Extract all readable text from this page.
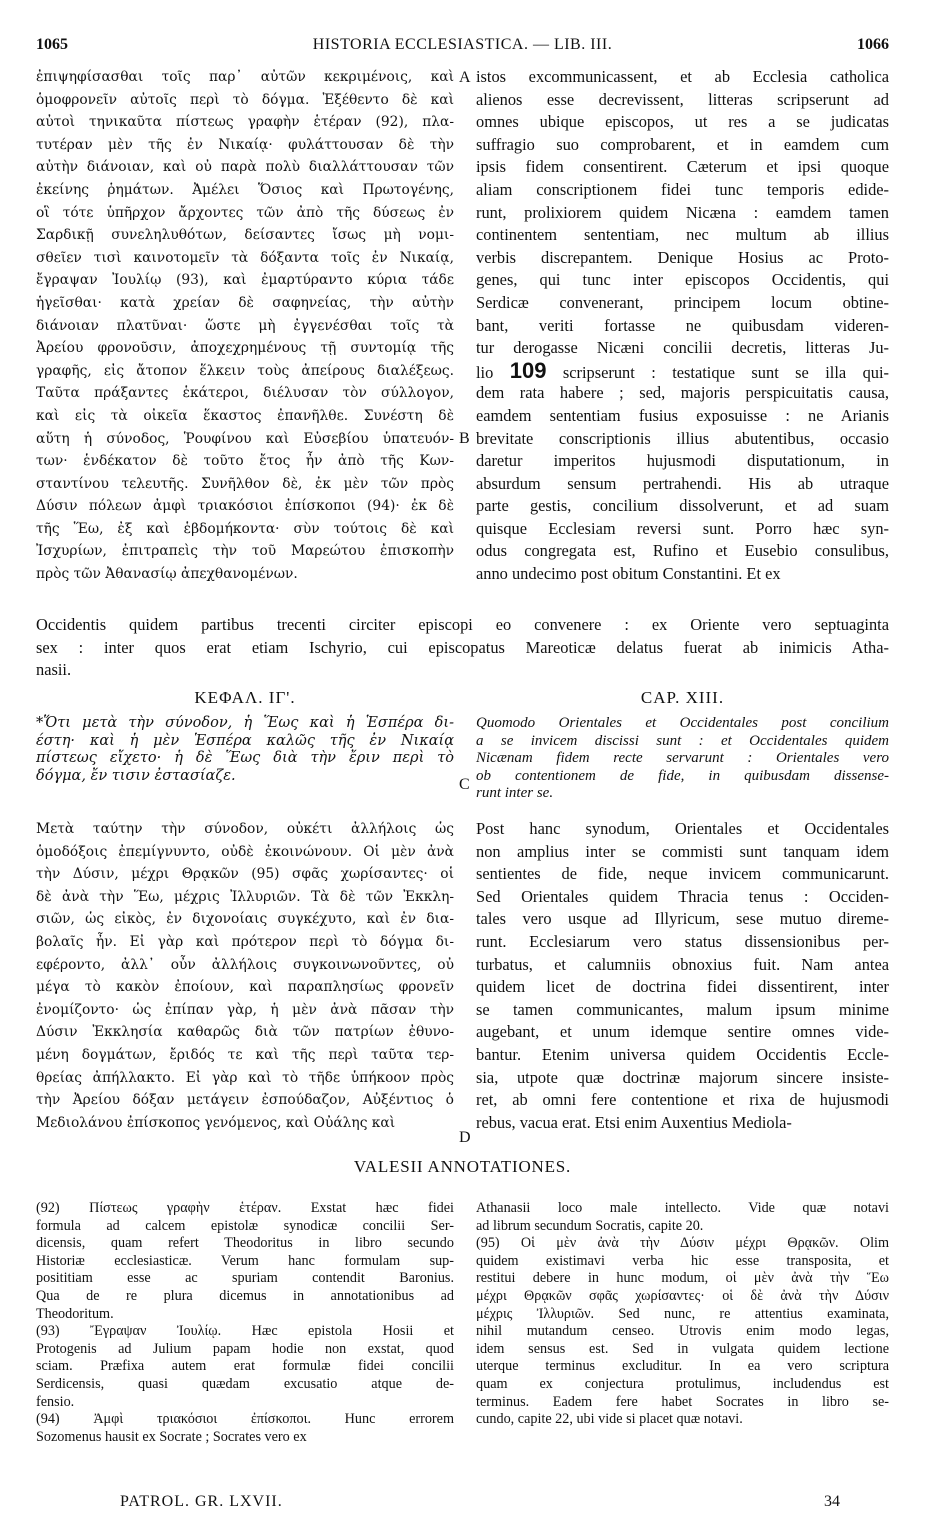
1065	HISTORIA ECCLESIASTICA. — LIB. III.	1066

ἐπιψηφίσασθαι τοῖς παρ᾽ αὐτῶν κεκριμένοις, καὶ

ὁμοφρονεῖν αὐτοῖς περὶ τὸ δόγμα. Ἐξέθεντο δὲ καὶ

αὐτοὶ τηνικαῦτα πίστεως γραφὴν ἑτέραν (92), πλα-

τυτέραν μὲν τῆς ἐν Νικαίᾳ· φυλάττουσαν δὲ τὴν

αὐτὴν διάνοιαν, καὶ οὐ παρὰ πολὺ διαλλάττουσαν τῶν

ἐκείνης ῥημάτων. Ἀμέλει Ὅσιος καὶ Πρωτογένης,

οἳ τότε ὑπῆρχον ἄρχοντες τῶν ἀπὸ τῆς δύσεως ἐν

Σαρδικῇ συνεληλυθότων, δείσαντες ἴσως μὴ νομι-

σθεῖεν τισὶ καινοτομεῖν τὰ δόξαντα τοῖς ἐν Νικαίᾳ,

ἔγραψαν Ἰουλίῳ (93), καὶ ἐμαρτύραντο κύρια τάδε

ἡγεῖσθαι· κατὰ χρείαν δὲ σαφηνείας, τὴν αὐτὴν

διάνοιαν πλατῦναι· ὥστε μὴ ἐγγενέσθαι τοῖς τὰ

Ἀρείου φρονοῦσιν, ἀποχεχρημένους τῇ συντομίᾳ τῆς

γραφῆς, εἰς ἄτοπον ἕλκειν τοὺς ἀπείρους διαλέξεως.

Ταῦτα πράξαντες ἑκάτεροι, διέλυσαν τὸν σύλλογον,

καὶ εἰς τὰ οἰκεῖα ἕκαστος ἐπανῆλθε. Συνέστη δὲ

αὕτη ἡ σύνοδος, Ῥουφίνου καὶ Εὐσεβίου ὑπατευόν-

των· ἑνδέκατον δὲ τοῦτο ἔτος ἦν ἀπὸ τῆς Κων-

σταντίνου τελευτῆς. Συνῆλθον δὲ, ἐκ μὲν τῶν πρὸς

Δύσιν πόλεων ἀμφὶ τριακόσιοι ἐπίσκοποι (94)· ἐκ δὲ

τῆς Ἕω, ἐξ καὶ ἑβδομήκοντα· σὺν τούτοις δὲ καὶ

Ἰσχυρίων, ἐπιτραπεὶς τὴν τοῦ Μαρεώτου ἐπισκοπὴν

πρὸς τῶν Ἀθανασίῳ ἀπεχθανομένων.

istos excommunicassent, et ab Ecclesia catholica

alienos esse decrevissent, litteras scripserunt ad

omnes ubique episcopos, ut res a se judicatas

suffragio suo comprobarent, et in eamdem cum

ipsis fidem consentirent. Cæterum et ipsi quoque

aliam conscriptionem fidei tunc temporis edide-

runt, prolixiorem quidem Nicæna : eamdem tamen

continentem sententiam, nec multum ab illius

verbis discrepantem. Denique Hosius ac Proto-

genes, qui tunc inter episcopos Occidentis, qui

Serdicæ convenerant, principem locum obtine-

bant, veriti fortasse ne quibusdam videren-

tur derogasse Nicæni concilii decretis, litteras Ju-

lio 109 scripserunt : testatique sunt se illa qui-

dem rata habere ; sed, majoris perspicuitatis causa,

eamdem sententiam fusius exposuisse : ne Arianis

brevitate conscriptionis illius abutentibus, occasio

daretur imperitos hujusmodi disputationum, in

absurdum sensum pertrahendi. His ab utraque

parte gestis, concilium dissolverunt, et ad suam

quisque Ecclesiam reversi sunt. Porro hæc syn-

odus congregata est, Rufino et Eusebio consulibus,

anno undecimo post obitum Constantini. Et ex

A
B
C
D

Occidentis quidem partibus trecenti circiter episcopi eo convenere : ex Oriente vero septuaginta

sex : inter quos erat etiam Ischyrio, cui episcopatus Mareoticæ delatus fuerat ab inimicis Atha-

nasii.

ΚΕΦΑΛ. ΙΓ'.	CAP. XIII.

*Ὅτι μετὰ τὴν σύνοδον, ἡ Ἕως καὶ ἡ Ἑσπέρα δι-

έστη· καὶ ἡ μὲν Ἑσπέρα καλῶς τῆς ἐν Νικαίᾳ

πίστεως εἴχετο· ἡ δὲ Ἕως διὰ τὴν ἔριν περὶ τὸ

δόγμα, ἔν τισιν ἐστασίαζε.

Quomodo Orientales et Occidentales post concilium

a se invicem discissi sunt : et Occidentales quidem

Nicænam fidem recte servarunt : Orientales vero

ob contentionem de fide, in quibusdam dissense-

runt inter se.

Μετὰ ταύτην τὴν σύνοδον, οὐκέτι ἀλλήλοις ὡς

ὁμοδόξοις ἐπεμίγνυντο, οὐδὲ ἐκοινώνουν. Οἱ μὲν ἀνὰ

τὴν Δύσιν, μέχρι Θρᾳκῶν (95) σφᾶς χωρίσαντες· οἱ

δὲ ἀνὰ τὴν Ἕω, μέχρις Ἰλλυριῶν. Τὰ δὲ τῶν Ἐκκλη-

σιῶν, ὡς εἰκὸς, ἐν διχονοίαις συγκέχυτο, καὶ ἐν δια-

βολαῖς ἦν. Εἰ γὰρ καὶ πρότερον περὶ τὸ δόγμα δι-

εφέροντο, ἀλλ᾽ οὖν ἀλλήλοις συγκοινωνοῦντες, οὐ

μέγα τὸ κακὸν ἐποίουν, καὶ παραπλησίως φρονεῖν

ἐνομίζοντο· ὡς ἐπίπαν γὰρ, ἡ μὲν ἀνὰ πᾶσαν τὴν

Δύσιν Ἐκκλησία καθαρῶς διὰ τῶν πατρίων ἐθυνο-

μένη δογμάτων, ἔριδός τε καὶ τῆς περὶ ταῦτα τερ-

θρείας ἀπήλλακτο. Εἰ γὰρ καὶ τὸ τῆδε ὑπήκοον πρὸς

τὴν Ἀρείου δόξαν μετάγειν ἐσπούδαζον, Αὐξέντιος ὁ

Μεδιολάνου ἐπίσκοπος γενόμενος, καὶ Οὐάλης καὶ

Post hanc synodum, Orientales et Occidentales

non amplius inter se commisti sunt tanquam idem

sentientes de fide, neque invicem communicarunt.

Sed Orientales quidem Thracia tenus : Occiden-

tales vero usque ad Illyricum, sese mutuo direme-

runt. Ecclesiarum vero status dissensionibus per-

turbatus, et calumniis obnoxius fuit. Nam antea

quidem licet de doctrina fidei dissentirent, inter

se tamen communicantes, malum ipsum minime

augebant, et unum idemque sentire omnes vide-

bantur. Etenim universa quidem Occidentis Eccle-

sia, utpote quæ doctrinæ majorum sincere insiste-

ret, ab omni fere contentione et rixa de hujusmodi

rebus, vacua erat. Etsi enim Auxentius Mediola-

VALESII ANNOTATIONES.

(92) Πίστεως γραφὴν ἑτέραν. Exstat hæc fidei

formula ad calcem epistolæ synodicæ concilii Ser-

dicensis, quam refert Theodoritus in libro secundo

Historiæ ecclesiasticæ. Verum hanc formulam sup-

posititiam esse ac spuriam contendit Baronius.

Qua de re plura dicemus in annotationibus ad

Theodoritum.

(93) Ἔγραψαν Ἰουλίῳ. Hæc epistola Hosii et

Protogenis ad Julium papam hodie non exstat, quod

sciam. Præfixa autem erat formulæ fidei concilii

Serdicensis, quasi quædam excusatio atque de-

fensio.

(94) Ἀμφὶ τριακόσιοι ἐπίσκοποι. Hunc errorem

Sozomenus hausit ex Socrate ; Socrates vero ex

Athanasii loco male intellecto. Vide quæ notavi

ad librum secundum Socratis, capite 20.

(95) Οἱ μὲν ἀνὰ τὴν Δύσιν μέχρι Θρᾳκῶν. Olim

quidem existimavi verba hic esse transposita, et

restitui debere in hunc modum, οἱ μὲν ἀνὰ τὴν Ἕω

μέχρι Θρᾳκῶν σφᾶς χωρίσαντες· οἱ δὲ ἀνὰ τὴν Δύσιν

μέχρις Ἰλλυριῶν. Sed nunc, re attentius examinata,

nihil mutandum censeo. Utrovis enim modo legas,

idem sensus est. Sed in vulgata quidem lectione

uterque terminus excluditur. In ea vero scriptura

quam ex conjectura protulimus, includendus est

terminus. Eadem fere habet Socrates in libro se-

cundo, capite 22, ubi vide si placet quæ notavi.

PATROL. GR. LXVII.	34
